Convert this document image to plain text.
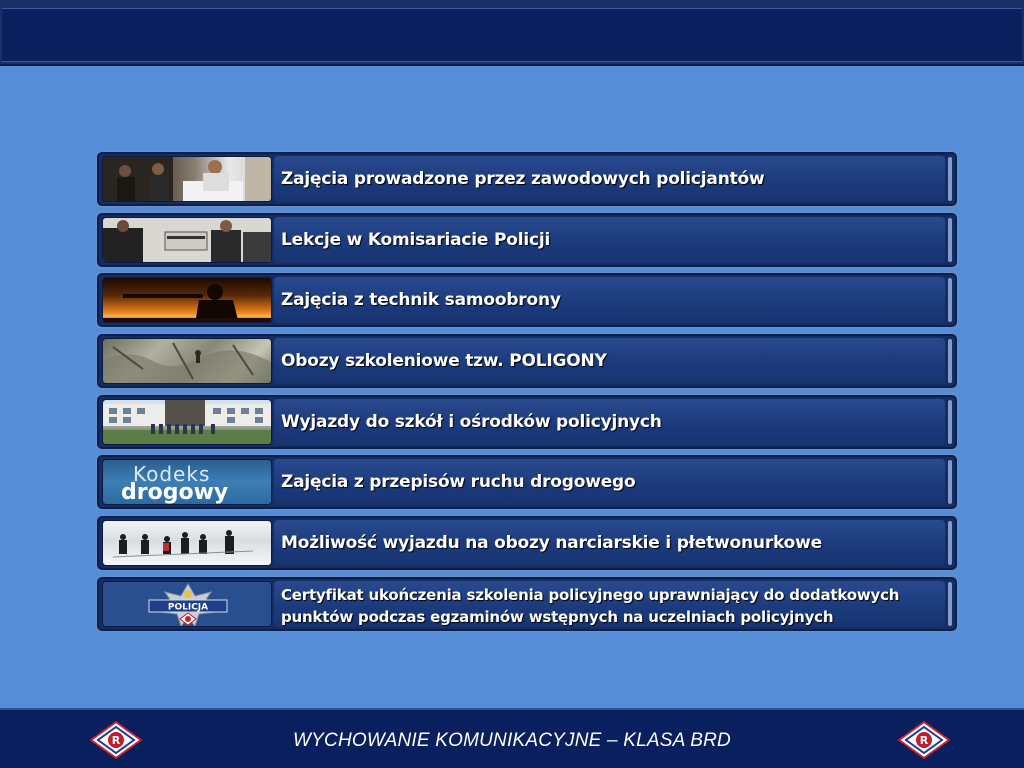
Zajęcia prowadzone przez zawodowych policjantów
Lekcje w Komisariacie Policji
Zajęcia z technik samoobrony
Obozy szkoleniowe tzw. POLIGONY
Wyjazdy do szkół i ośrodków policyjnych
Kodeks
drogowy	Zajęcia z przepisów ruchu drogowego
Możliwość wyjazdu na obozy narciarskie i płetwonurkowe
POLICJA
Certyfikat ukończenia szkolenia policyjnego uprawniający do dodatkowych
punktów podczas egzaminów wstępnych na uczelniach policyjnych
R	WYCHOWANIE KOMUNIKACYJNE – KLASA BRD	R
